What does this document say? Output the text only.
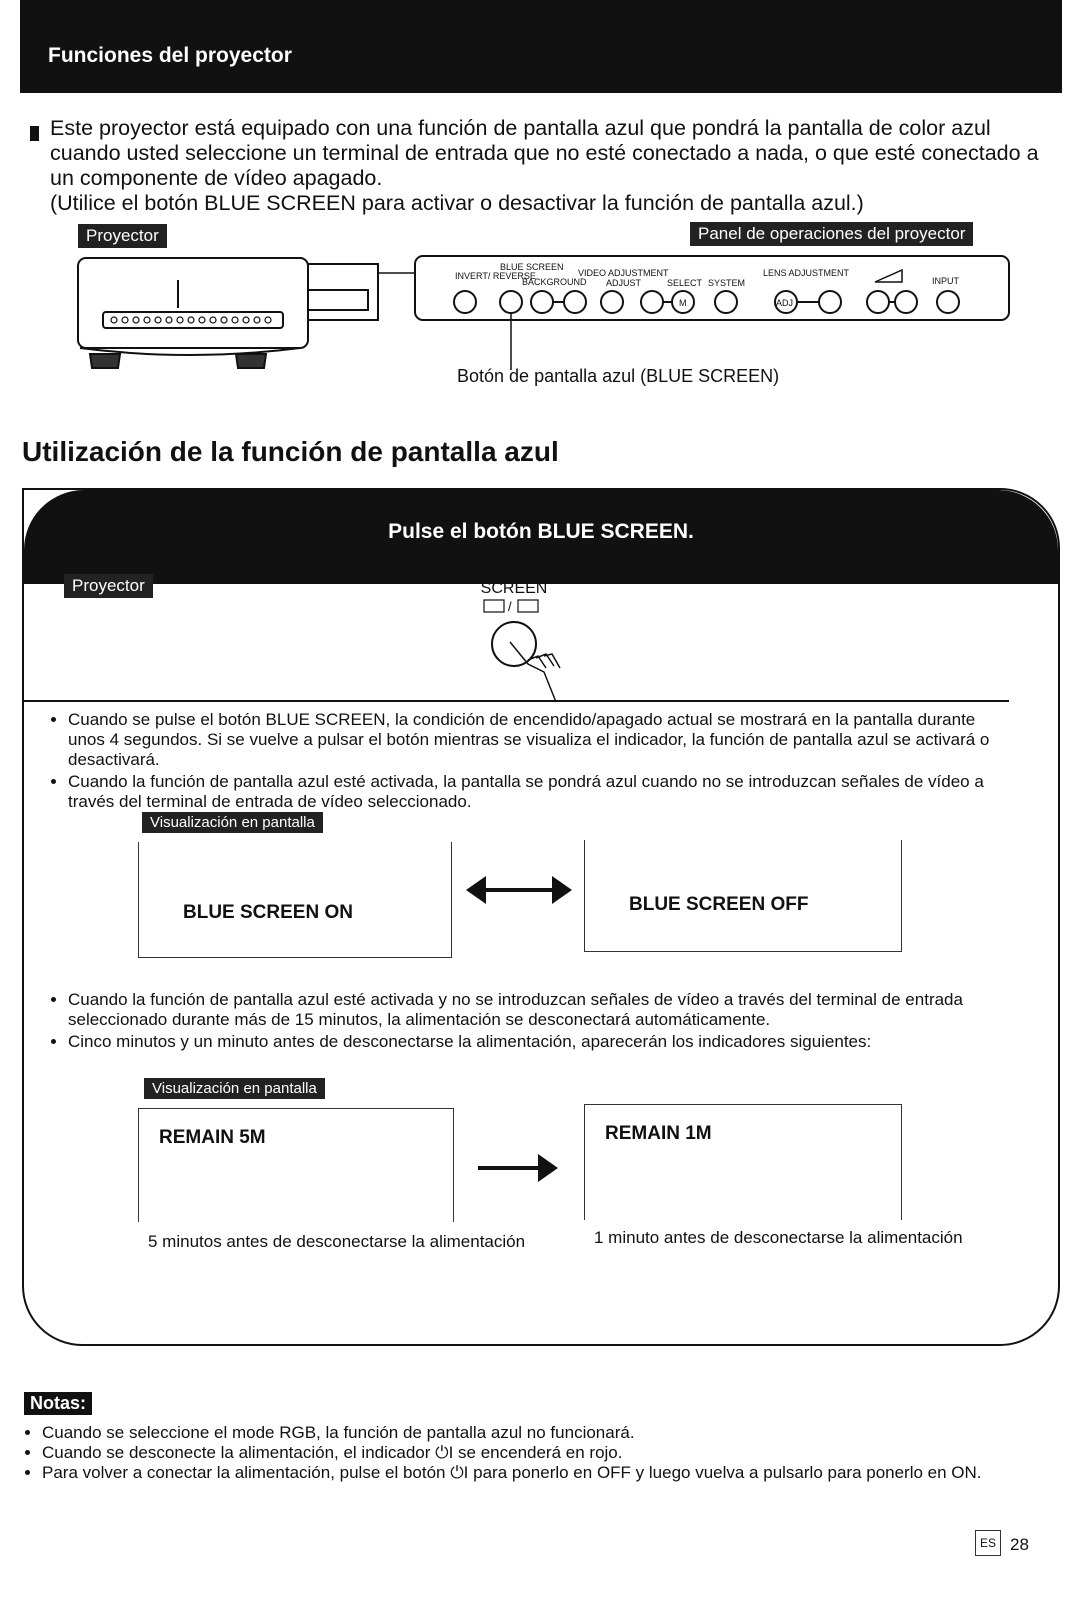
Funciones del proyector

Este proyector está equipado con una función de pantalla azul que pondrá la pantalla de color azul cuando usted seleccione un terminal de entrada que no esté conectado a nada, o que esté conectado a un componente de vídeo apagado.

(Utilice el botón BLUE SCREEN para activar o desactivar la función de pantalla azul.)

Proyector	Panel de operaciones del proyector
INVERT/ REVERSE
BLUE SCREEN
BACKGROUND
VIDEO ADJUSTMENT
ADJUST	SELECT SYSTEM
LENS ADJUSTMENT
INPUT
M	ADJ
Botón de pantalla azul (BLUE SCREEN)
Utilización de la función de pantalla azul
Pulse el botón BLUE SCREEN.
Proyector
BLUE
SCREEN
/
• Cuando se pulse el botón BLUE SCREEN, la condición de encendido/apagado actual se mostrará en la pantalla durante unos 4 segundos. Si se vuelve a pulsar el botón mientras se visualiza el indicador, la función de pantalla azul se activará o desactivará.
• Cuando la función de pantalla azul esté activada, la pantalla se pondrá azul cuando no se introduzcan señales de vídeo a través del terminal de entrada de vídeo seleccionado.
Visualización en pantalla
BLUE SCREEN ON	BLUE SCREEN OFF
• Cuando la función de pantalla azul esté activada y no se introduzcan señales de vídeo a través del terminal de entrada seleccionado durante más de 15 minutos, la alimentación se desconectará automáticamente.
• Cinco minutos y un minuto antes de desconectarse la alimentación, aparecerán los indicadores siguientes:
Visualización en pantalla
REMAIN 5M	REMAIN 1M
5 minutos antes de desconectarse la alimentación	1 minuto antes de desconectarse la alimentación
Notas:
• Cuando se seleccione el mode RGB, la función de pantalla azul no funcionará.
• Cuando se desconecte la alimentación, el indicador ⏻I se encenderá en rojo.
• Para volver a conectar la alimentación, pulse el botón ⏻I para ponerlo en OFF y luego vuelva a pulsarlo para ponerlo en ON.
ES 28
